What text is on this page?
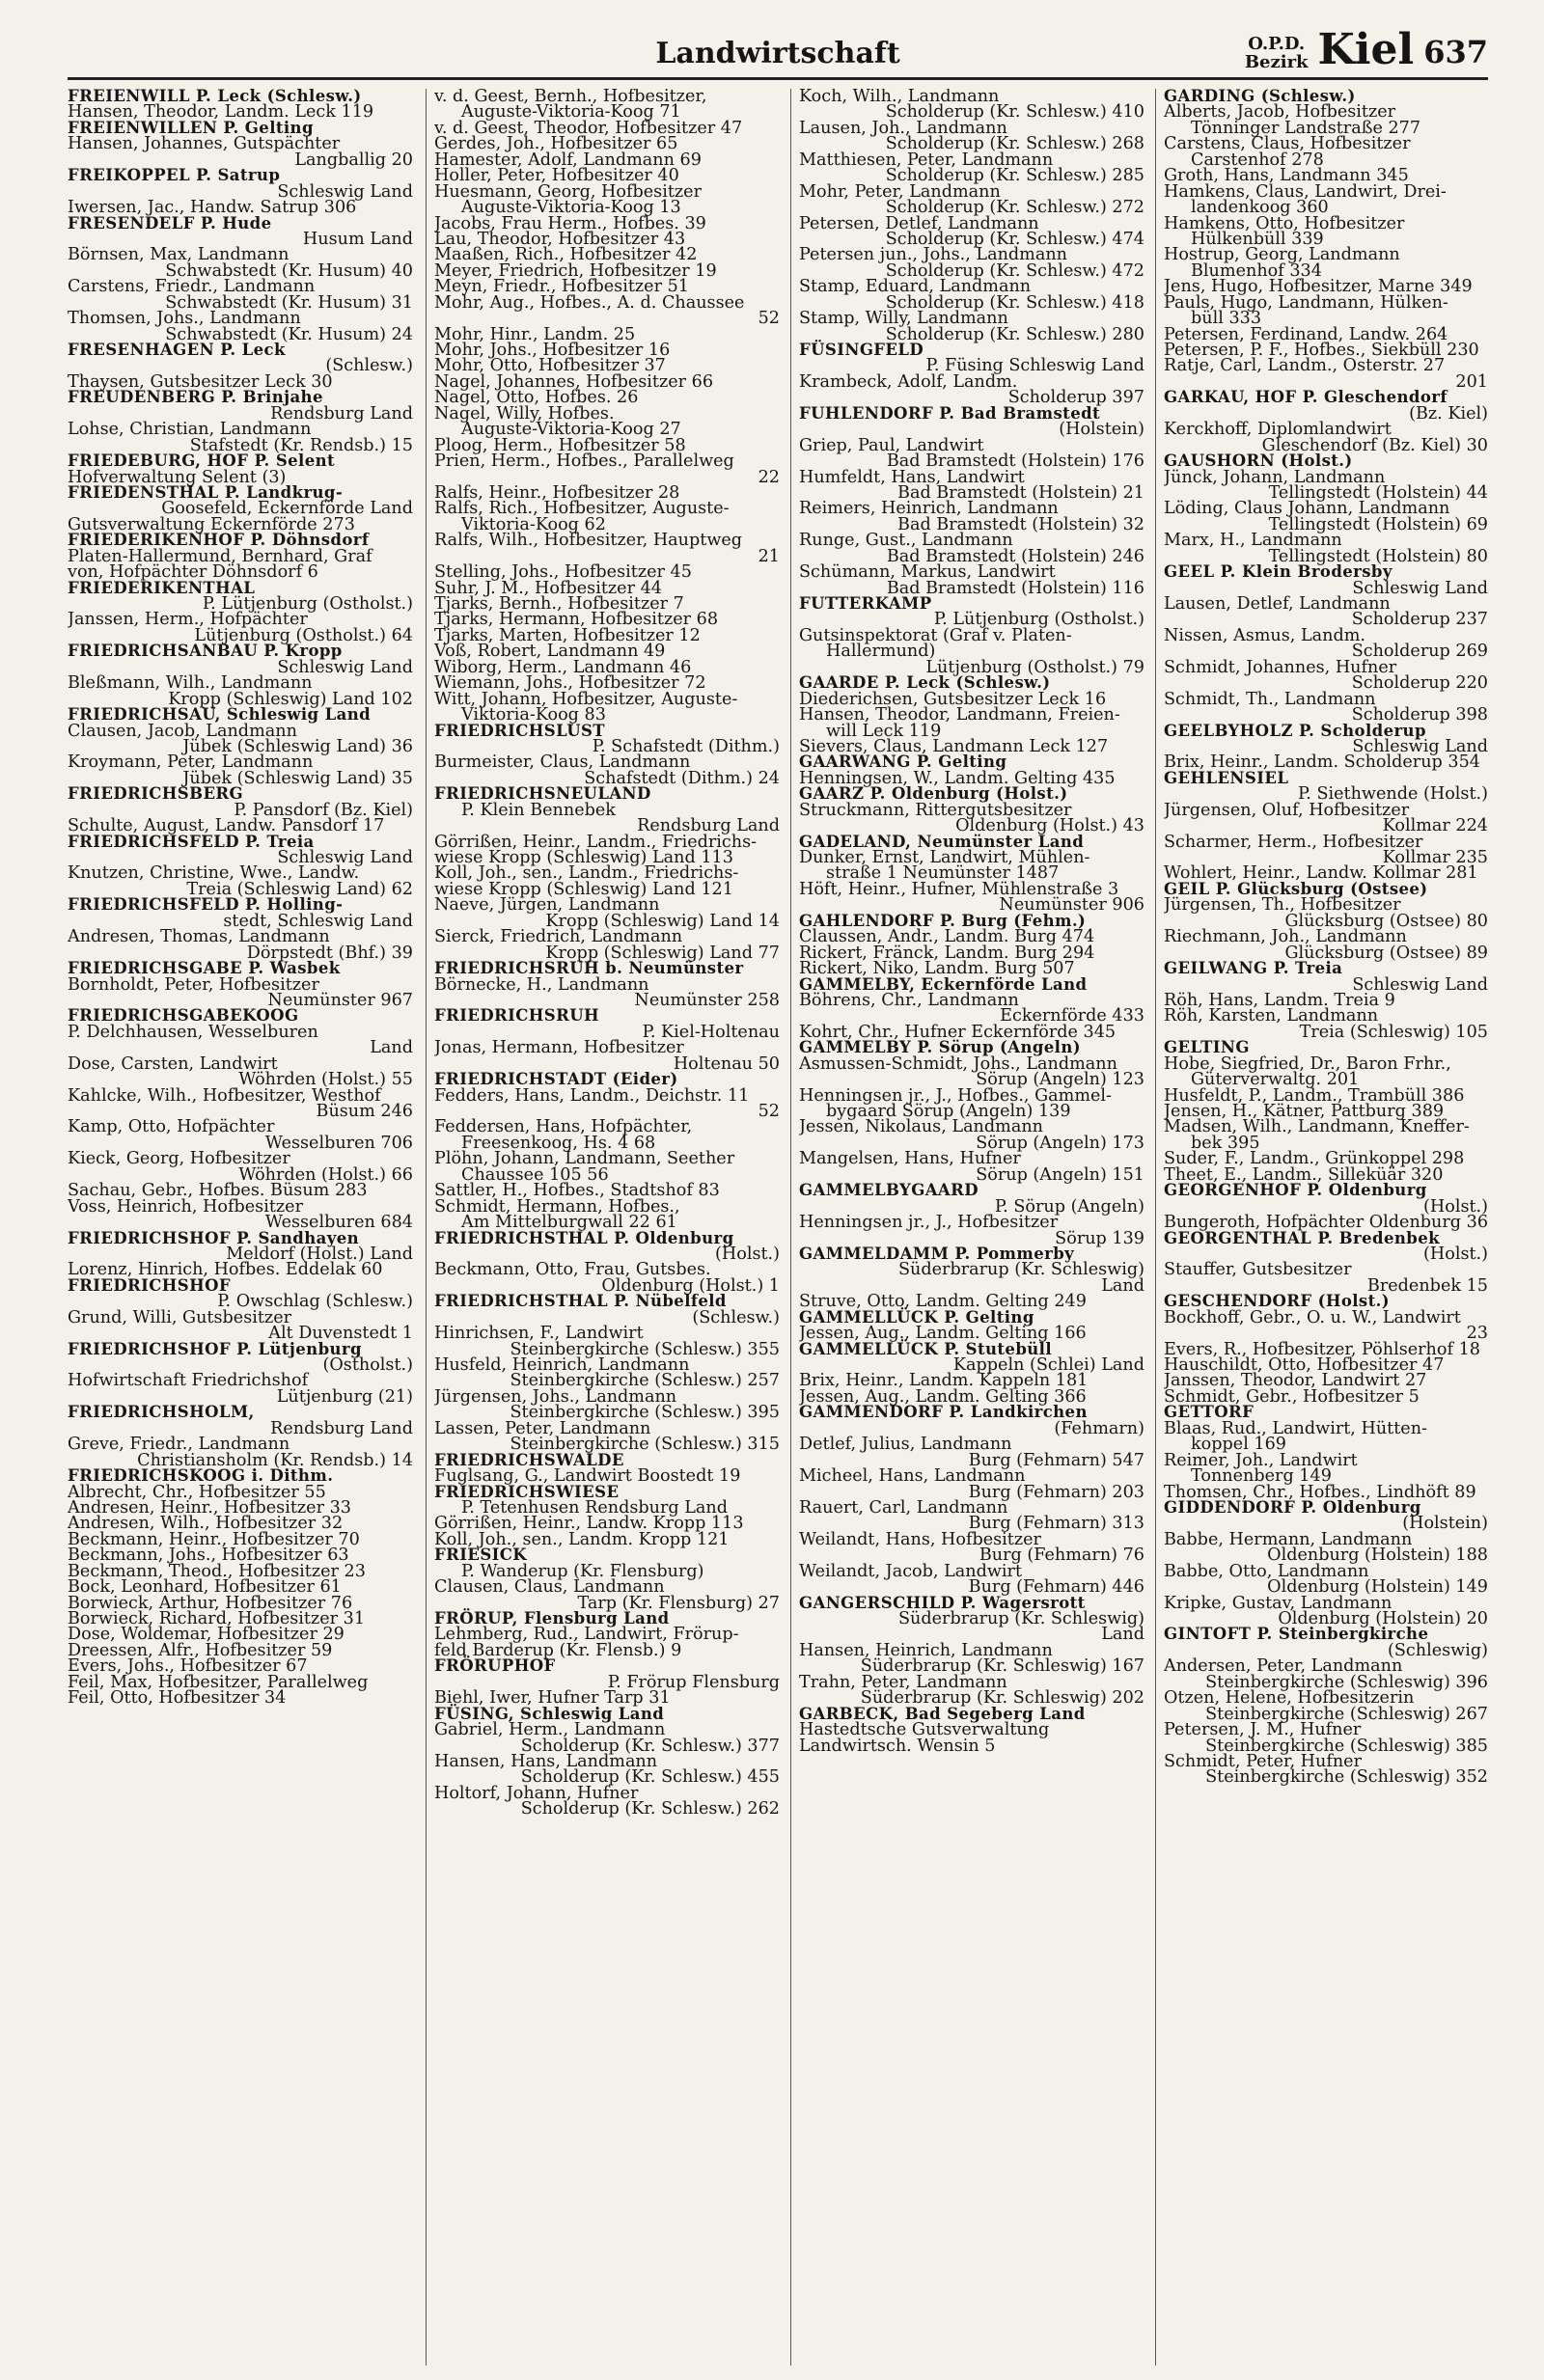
Landwirtschaft	O.P.D.
Bezirk Kiel 637
FREIENWILL P. Leck (Schlesw.)
Hansen, Theodor, Landm. Leck 119
FREIENWILLEN P. Gelting
Hansen, Johannes, Gutspächter
Langballig 20
FREIKOPPEL P. Satrup
Schleswig Land
Iwersen, Jac., Handw. Satrup 306
FRESENDELF P. Hude
Husum Land
Börnsen, Max, Landmann
Schwabstedt (Kr. Husum) 40
Carstens, Friedr., Landmann
Schwabstedt (Kr. Husum) 31
Thomsen, Johs., Landmann
Schwabstedt (Kr. Husum) 24
FRESENHAGEN P. Leck
(Schlesw.)
Thaysen, Gutsbesitzer Leck 30
FREUDENBERG P. Brinjahe
Rendsburg Land
Lohse, Christian, Landmann
Stafstedt (Kr. Rendsb.) 15
FRIEDEBURG, HOF P. Selent
Hofverwaltung Selent (3)
FRIEDENSTHAL P. Landkrug-
Goosefeld, Eckernförde Land
Gutsverwaltung Eckernförde 273
FRIEDERIKENHOF P. Döhnsdorf
Platen-Hallermund, Bernhard, Graf
von, Hofpächter Döhnsdorf 6
FRIEDERIKENTHAL
P. Lütjenburg (Ostholst.)
Janssen, Herm., Hofpächter
Lütjenburg (Ostholst.) 64
FRIEDRICHSANBAU P. Kropp
Schleswig Land
Bleßmann, Wilh., Landmann
Kropp (Schleswig) Land 102
FRIEDRICHSAU, Schleswig Land
Clausen, Jacob, Landmann
Jübek (Schleswig Land) 36
Kroymann, Peter, Landmann
Jübek (Schleswig Land) 35
FRIEDRICHSBERG
P. Pansdorf (Bz. Kiel)
Schulte, August, Landw. Pansdorf 17
FRIEDRICHSFELD P. Treia
Schleswig Land
Knutzen, Christine, Wwe., Landw.
Treia (Schleswig Land) 62
FRIEDRICHSFELD P. Holling-
stedt, Schleswig Land
Andresen, Thomas, Landmann
Dörpstedt (Bhf.) 39
FRIEDRICHSGABE P. Wasbek
Bornholdt, Peter, Hofbesitzer
Neumünster 967
FRIEDRICHSGABEKOOG
P. Delchhausen, Wesselburen
Land
Dose, Carsten, Landwirt
Wöhrden (Holst.) 55
Kahlcke, Wilh., Hofbesitzer, Westhof
Büsum 246
Kamp, Otto, Hofpächter
Wesselburen 706
Kieck, Georg, Hofbesitzer
Wöhrden (Holst.) 66
Sachau, Gebr., Hofbes. Büsum 283
Voss, Heinrich, Hofbesitzer
Wesselburen 684
FRIEDRICHSHOF P. Sandhayen
Meldorf (Holst.) Land
Lorenz, Hinrich, Hofbes. Eddelak 60
FRIEDRICHSHOF
P. Owschlag (Schlesw.)
Grund, Willi, Gutsbesitzer
Alt Duvenstedt 1
FRIEDRICHSHOF P. Lütjenburg
(Ostholst.)
Hofwirtschaft Friedrichshof
Lütjenburg (21)
FRIEDRICHSHOLM,
Rendsburg Land
Greve, Friedr., Landmann
Christiansholm (Kr. Rendsb.) 14
FRIEDRICHSKOOG i. Dithm.
Albrecht, Chr., Hofbesitzer 55
Andresen, Heinr., Hofbesitzer 33
Andresen, Wilh., Hofbesitzer 32
Beckmann, Heinr., Hofbesitzer 70
Beckmann, Johs., Hofbesitzer 63
Beckmann, Theod., Hofbesitzer 23
Bock, Leonhard, Hofbesitzer 61
Borwieck, Arthur, Hofbesitzer 76
Borwieck, Richard, Hofbesitzer 31
Dose, Woldemar, Hofbesitzer 29
Dreessen, Alfr., Hofbesitzer 59
Evers, Johs., Hofbesitzer 67
Feil, Max, Hofbesitzer, Parallelweg
Feil, Otto, Hofbesitzer 34
v. d. Geest, Bernh., Hofbesitzer,
Auguste-Viktoria-Koog 71
v. d. Geest, Theodor, Hofbesitzer 47
Gerdes, Joh., Hofbesitzer 65
Hamester, Adolf, Landmann 69
Holler, Peter, Hofbesitzer 40
Huesmann, Georg, Hofbesitzer
Auguste-Viktoria-Koog 13
Jacobs, Frau Herm., Hofbes. 39
Lau, Theodor, Hofbesitzer 43
Maaßen, Rich., Hofbesitzer 42
Meyer, Friedrich, Hofbesitzer 19
Meyn, Friedr., Hofbesitzer 51
Mohr, Aug., Hofbes., A. d. Chaussee
52
Mohr, Hinr., Landm. 25
Mohr, Johs., Hofbesitzer 16
Mohr, Otto, Hofbesitzer 37
Nagel, Johannes, Hofbesitzer 66
Nagel, Otto, Hofbes. 26
Nagel, Willy, Hofbes.
Auguste-Viktoria-Koog 27
Ploog, Herm., Hofbesitzer 58
Prien, Herm., Hofbes., Parallelweg
22
Ralfs, Heinr., Hofbesitzer 28
Ralfs, Rich., Hofbesitzer, Auguste-
Viktoria-Koog 62
Ralfs, Wilh., Hofbesitzer, Hauptweg
21
Stelling, Johs., Hofbesitzer 45
Suhr, J. M., Hofbesitzer 44
Tjarks, Bernh., Hofbesitzer 7
Tjarks, Hermann, Hofbesitzer 68
Tjarks, Marten, Hofbesitzer 12
Voß, Robert, Landmann 49
Wiborg, Herm., Landmann 46
Wiemann, Johs., Hofbesitzer 72
Witt, Johann, Hofbesitzer, Auguste-
Viktoria-Koog 83
FRIEDRICHSLUST
P. Schafstedt (Dithm.)
Burmeister, Claus, Landmann
Schafstedt (Dithm.) 24
FRIEDRICHSNEULAND
P. Klein Bennebek
Rendsburg Land
Görrißen, Heinr., Landm., Friedrichs-
wiese Kropp (Schleswig) Land 113
Koll, Joh., sen., Landm., Friedrichs-
wiese Kropp (Schleswig) Land 121
Naeve, Jürgen, Landmann
Kropp (Schleswig) Land 14
Sierck, Friedrich, Landmann
Kropp (Schleswig) Land 77
FRIEDRICHSRUH b. Neumünster
Börnecke, H., Landmann
Neumünster 258
FRIEDRICHSRUH
P. Kiel-Holtenau
Jonas, Hermann, Hofbesitzer
Holtenau 50
FRIEDRICHSTADT (Eider)
Fedders, Hans, Landm., Deichstr. 11
52
Feddersen, Hans, Hofpächter,
Freesenkoog, Hs. 4 68
Plöhn, Johann, Landmann, Seether
Chaussee 105 56
Sattler, H., Hofbes., Stadtshof 83
Schmidt, Hermann, Hofbes.,
Am Mittelburgwall 22 61
FRIEDRICHSTHAL P. Oldenburg
(Holst.)
Beckmann, Otto, Frau, Gutsbes.
Oldenburg (Holst.) 1
FRIEDRICHSTHAL P. Nübelfeld
(Schlesw.)
Hinrichsen, F., Landwirt
Steinbergkirche (Schlesw.) 355
Husfeld, Heinrich, Landmann
Steinbergkirche (Schlesw.) 257
Jürgensen, Johs., Landmann
Steinbergkirche (Schlesw.) 395
Lassen, Peter, Landmann
Steinbergkirche (Schlesw.) 315
FRIEDRICHSWALDE
Fuglsang, G., Landwirt Boostedt 19
FRIEDRICHSWIESE
P. Tetenhusen Rendsburg Land
Görrißen, Heinr., Landw. Kropp 113
Koll, Joh., sen., Landm. Kropp 121
FRIESICK
P. Wanderup (Kr. Flensburg)
Clausen, Claus, Landmann
Tarp (Kr. Flensburg) 27
FRÖRUP, Flensburg Land
Lehmberg, Rud., Landwirt, Frörup-
feld Barderup (Kr. Flensb.) 9
FRÖRUPHOF
P. Frörup Flensburg
Biehl, Iwer, Hufner Tarp 31
FÜSING, Schleswig Land
Gabriel, Herm., Landmann
Scholderup (Kr. Schlesw.) 377
Hansen, Hans, Landmann
Scholderup (Kr. Schlesw.) 455
Holtorf, Johann, Hufner
Scholderup (Kr. Schlesw.) 262
Koch, Wilh., Landmann
Scholderup (Kr. Schlesw.) 410
Lausen, Joh., Landmann
Scholderup (Kr. Schlesw.) 268
Matthiesen, Peter, Landmann
Scholderup (Kr. Schlesw.) 285
Mohr, Peter, Landmann
Scholderup (Kr. Schlesw.) 272
Petersen, Detlef, Landmann
Scholderup (Kr. Schlesw.) 474
Petersen jun., Johs., Landmann
Scholderup (Kr. Schlesw.) 472
Stamp, Eduard, Landmann
Scholderup (Kr. Schlesw.) 418
Stamp, Willy, Landmann
Scholderup (Kr. Schlesw.) 280
FÜSINGFELD
P. Füsing Schleswig Land
Krambeck, Adolf, Landm.
Scholderup 397
FUHLENDORF P. Bad Bramstedt
(Holstein)
Griep, Paul, Landwirt
Bad Bramstedt (Holstein) 176
Humfeldt, Hans, Landwirt
Bad Bramstedt (Holstein) 21
Reimers, Heinrich, Landmann
Bad Bramstedt (Holstein) 32
Runge, Gust., Landmann
Bad Bramstedt (Holstein) 246
Schümann, Markus, Landwirt
Bad Bramstedt (Holstein) 116
FUTTERKAMP
P. Lütjenburg (Ostholst.)
Gutsinspektorat (Graf v. Platen-
Hallermund)
Lütjenburg (Ostholst.) 79
GAARDE P. Leck (Schlesw.)
Diederichsen, Gutsbesitzer Leck 16
Hansen, Theodor, Landmann, Freien-
will Leck 119
Sievers, Claus, Landmann Leck 127
GAARWANG P. Gelting
Henningsen, W., Landm. Gelting 435
GAARZ P. Oldenburg (Holst.)
Struckmann, Rittergutsbesitzer
Oldenburg (Holst.) 43
GADELAND, Neumünster Land
Dunker, Ernst, Landwirt, Mühlen-
straße 1 Neumünster 1487
Höft, Heinr., Hufner, Mühlenstraße 3
Neumünster 906
GAHLENDORF P. Burg (Fehm.)
Claussen, Andr., Landm. Burg 474
Rickert, Fränck, Landm. Burg 294
Rickert, Niko, Landm. Burg 507
GAMMELBY, Eckernförde Land
Böhrens, Chr., Landmann
Eckernförde 433
Kohrt, Chr., Hufner Eckernförde 345
GAMMELBY P. Sörup (Angeln)
Asmussen-Schmidt, Johs., Landmann
Sörup (Angeln) 123
Henningsen jr., J., Hofbes., Gammel-
bygaard Sörup (Angeln) 139
Jessen, Nikolaus, Landmann
Sörup (Angeln) 173
Mangelsen, Hans, Hufner
Sörup (Angeln) 151
GAMMELBYGAARD
P. Sörup (Angeln)
Henningsen jr., J., Hofbesitzer
Sörup 139
GAMMELDAMM P. Pommerby
Süderbrarup (Kr. Schleswig)
Land
Struve, Otto, Landm. Gelting 249
GAMMELLÜCK P. Gelting
Jessen, Aug., Landm. Gelting 166
GAMMELLÜCK P. Stutebüll
Kappeln (Schlei) Land
Brix, Heinr., Landm. Kappeln 181
Jessen, Aug., Landm. Gelting 366
GAMMENDORF P. Landkirchen
(Fehmarn)
Detlef, Julius, Landmann
Burg (Fehmarn) 547
Micheel, Hans, Landmann
Burg (Fehmarn) 203
Rauert, Carl, Landmann
Burg (Fehmarn) 313
Weilandt, Hans, Hofbesitzer
Burg (Fehmarn) 76
Weilandt, Jacob, Landwirt
Burg (Fehmarn) 446
GANGERSCHILD P. Wagersrott
Süderbrarup (Kr. Schleswig)
Land
Hansen, Heinrich, Landmann
Süderbrarup (Kr. Schleswig) 167
Trahn, Peter, Landmann
Süderbrarup (Kr. Schleswig) 202
GARBECK, Bad Segeberg Land
Hastedtsche Gutsverwaltung
Landwirtsch. Wensin 5
GARDING (Schlesw.)
Alberts, Jacob, Hofbesitzer
Tönninger Landstraße 277
Carstens, Claus, Hofbesitzer
Carstenhof 278
Groth, Hans, Landmann 345
Hamkens, Claus, Landwirt, Drei-
landenkoog 360
Hamkens, Otto, Hofbesitzer
Hülkenbüll 339
Hostrup, Georg, Landmann
Blumenhof 334
Jens, Hugo, Hofbesitzer, Marne 349
Pauls, Hugo, Landmann, Hülken-
büll 333
Petersen, Ferdinand, Landw. 264
Petersen, P. F., Hofbes., Siekbüll 230
Ratje, Carl, Landm., Osterstr. 27
201
GARKAU, HOF P. Gleschendorf
(Bz. Kiel)
Kerckhoff, Diplomlandwirt
Gleschendorf (Bz. Kiel) 30
GAUSHORN (Holst.)
Jünck, Johann, Landmann
Tellingstedt (Holstein) 44
Löding, Claus Johann, Landmann
Tellingstedt (Holstein) 69
Marx, H., Landmann
Tellingstedt (Holstein) 80
GEEL P. Klein Brodersby
Schleswig Land
Lausen, Detlef, Landmann
Scholderup 237
Nissen, Asmus, Landm.
Scholderup 269
Schmidt, Johannes, Hufner
Scholderup 220
Schmidt, Th., Landmann
Scholderup 398
GEELBYHOLZ P. Scholderup
Schleswig Land
Brix, Heinr., Landm. Scholderup 354
GEHLENSIEL
P. Siethwende (Holst.)
Jürgensen, Oluf, Hofbesitzer
Kollmar 224
Scharmer, Herm., Hofbesitzer
Kollmar 235
Wohlert, Heinr., Landw. Kollmar 281
GEIL P. Glücksburg (Ostsee)
Jürgensen, Th., Hofbesitzer
Glücksburg (Ostsee) 80
Riechmann, Joh., Landmann
Glücksburg (Ostsee) 89
GEILWANG P. Treia
Schleswig Land
Röh, Hans, Landm. Treia 9
Röh, Karsten, Landmann
Treia (Schleswig) 105
GELTING
Hobe, Siegfried, Dr., Baron Frhr.,
Güterverwaltg. 201
Husfeldt, P., Landm., Trambüll 386
Jensen, H., Kätner, Pattburg 389
Madsen, Wilh., Landmann, Kneffer-
bek 395
Suder, F., Landm., Grünkoppel 298
Theet, E., Landm., Silleküär 320
GEORGENHOF P. Oldenburg
(Holst.)
Bungeroth, Hofpächter Oldenburg 36
GEORGENTHAL P. Bredenbek
(Holst.)
Stauffer, Gutsbesitzer
Bredenbek 15
GESCHENDORF (Holst.)
Bockhoff, Gebr., O. u. W., Landwirt
23
Evers, R., Hofbesitzer, Pöhlserhof 18
Hauschildt, Otto, Hofbesitzer 47
Janssen, Theodor, Landwirt 27
Schmidt, Gebr., Hofbesitzer 5
GETTORF
Blaas, Rud., Landwirt, Hütten-
koppel 169
Reimer, Joh., Landwirt
Tonnenberg 149
Thomsen, Chr., Hofbes., Lindhöft 89
GIDDENDORF P. Oldenburg
(Holstein)
Babbe, Hermann, Landmann
Oldenburg (Holstein) 188
Babbe, Otto, Landmann
Oldenburg (Holstein) 149
Kripke, Gustav, Landmann
Oldenburg (Holstein) 20
GINTOFT P. Steinbergkirche
(Schleswig)
Andersen, Peter, Landmann
Steinbergkirche (Schleswig) 396
Otzen, Helene, Hofbesitzerin
Steinbergkirche (Schleswig) 267
Petersen, J. M., Hufner
Steinbergkirche (Schleswig) 385
Schmidt, Peter, Hufner
Steinbergkirche (Schleswig) 352
